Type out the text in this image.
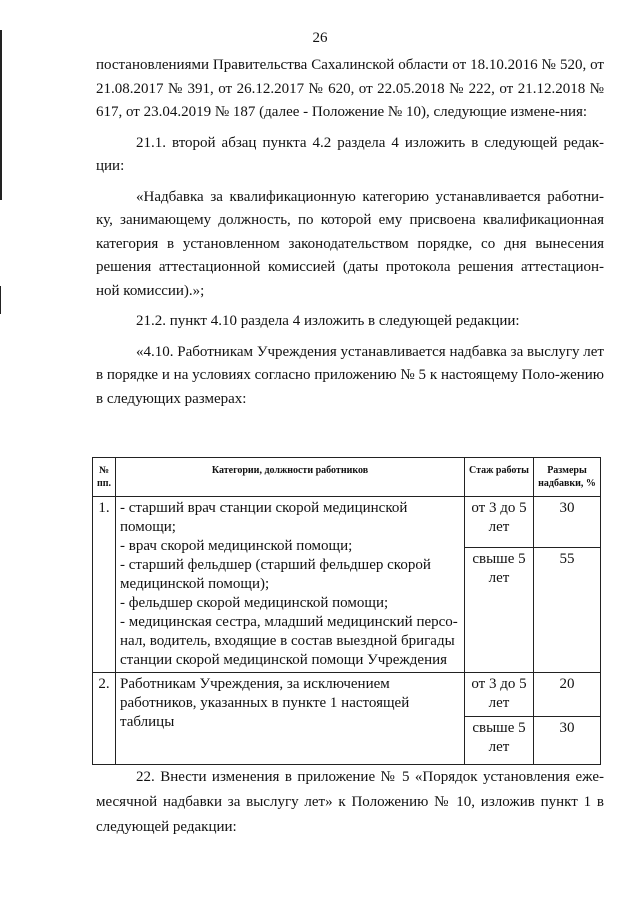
26

постановлениями Правительства Сахалинской области от 18.10.2016 № 520, от 21.08.2017 № 391, от 26.12.2017 № 620, от 22.05.2018 № 222, от 21.12.2018 № 617, от 23.04.2019 № 187 (далее - Положение № 10), следующие измене-ния:

21.1. второй абзац пункта 4.2 раздела 4 изложить в следующей редак-ции:

«Надбавка за квалификационную категорию устанавливается работни-ку, занимающему должность, по которой ему присвоена квалификационная категория в установленном законодательством порядке, со дня вынесения решения аттестационной комиссией (даты протокола решения аттестацион-ной комиссии).»;

21.2. пункт 4.10 раздела 4 изложить в следующей редакции:

«4.10. Работникам Учреждения устанавливается надбавка за выслугу лет в порядке и на условиях согласно приложению № 5 к настоящему Поло-жению в следующих размерах:

№ пп.	Категории, должности работников	Стаж работы	Размеры надбавки, %
1.	- старший врач станции скорой медицинской помощи;
- врач скорой медицинской помощи;
- старший фельдшер (старший фельдшер скорой медицинской помощи);
- фельдшер скорой медицинской помощи;
- медицинская сестра, младший медицинский персо-нал, водитель, входящие в состав выездной бригады станции скорой медицинской помощи Учреждения	от 3 до 5 лет	30
		свыше 5 лет	55
2.	Работникам Учреждения, за исключением работников, указанных в пункте 1 настоящей таблицы	от 3 до 5 лет	20
		свыше 5 лет	30

22. Внести изменения в приложение № 5 «Порядок установления еже-месячной надбавки за выслугу лет» к Положению № 10, изложив пункт 1 в следующей редакции:
